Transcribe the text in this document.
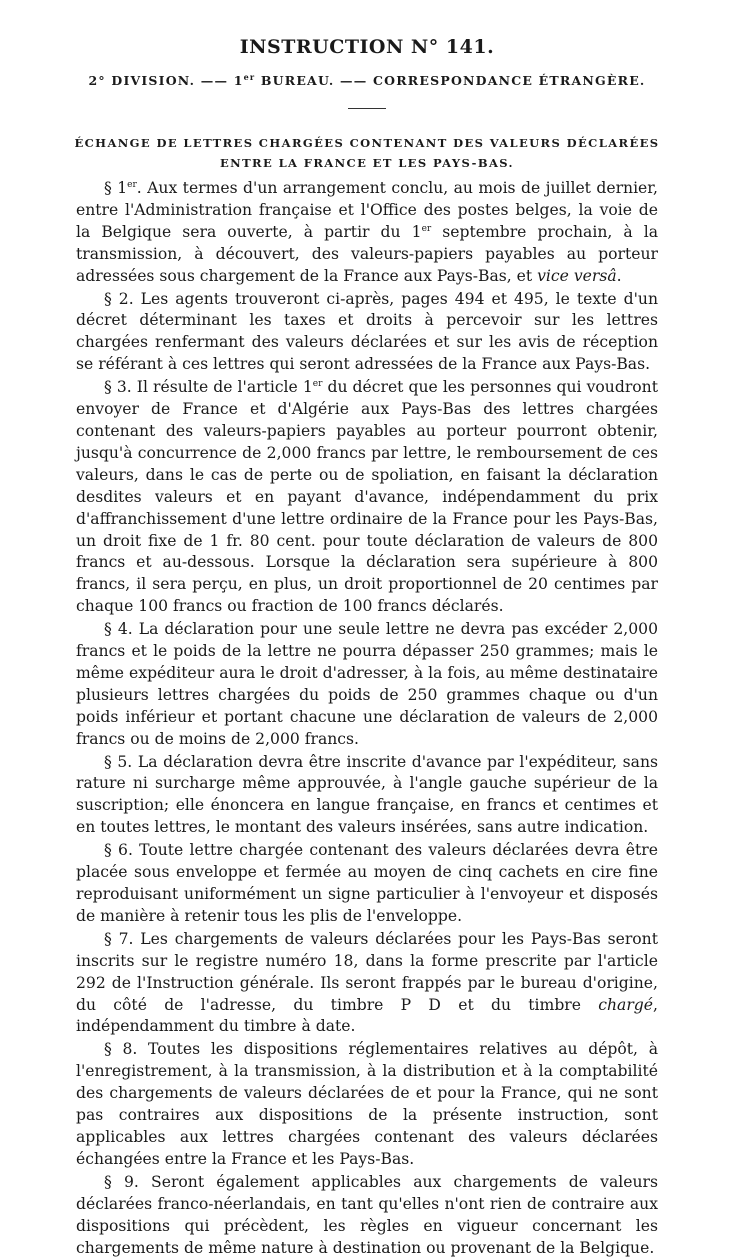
INSTRUCTION N° 141.
2° DIVISION. —— 1er BUREAU. —— CORRESPONDANCE ÉTRANGÈRE.
ÉCHANGE DE LETTRES CHARGÉES CONTENANT DES VALEURS DÉCLARÉES ENTRE LA FRANCE ET LES PAYS-BAS.

§ 1er. Aux termes d'un arrangement conclu, au mois de juillet dernier, entre l'Administration française et l'Office des postes belges, la voie de la Belgique sera ouverte, à partir du 1er septembre prochain, à la transmission, à découvert, des valeurs-papiers payables au porteur adressées sous chargement de la France aux Pays-Bas, et vice versâ.

§ 2. Les agents trouveront ci-après, pages 494 et 495, le texte d'un décret déterminant les taxes et droits à percevoir sur les lettres chargées renfermant des valeurs déclarées et sur les avis de réception se référant à ces lettres qui seront adressées de la France aux Pays-Bas.

§ 3. Il résulte de l'article 1er du décret que les personnes qui voudront envoyer de France et d'Algérie aux Pays-Bas des lettres chargées contenant des valeurs-papiers payables au porteur pourront obtenir, jusqu'à concurrence de 2,000 francs par lettre, le remboursement de ces valeurs, dans le cas de perte ou de spoliation, en faisant la déclaration desdites valeurs et en payant d'avance, indépendamment du prix d'affranchissement d'une lettre ordinaire de la France pour les Pays-Bas, un droit fixe de 1 fr. 80 cent. pour toute déclaration de valeurs de 800 francs et au-dessous. Lorsque la déclaration sera supérieure à 800 francs, il sera perçu, en plus, un droit proportionnel de 20 centimes par chaque 100 francs ou fraction de 100 francs déclarés.

§ 4. La déclaration pour une seule lettre ne devra pas excéder 2,000 francs et le poids de la lettre ne pourra dépasser 250 grammes; mais le même expéditeur aura le droit d'adresser, à la fois, au même destinataire plusieurs lettres chargées du poids de 250 grammes chaque ou d'un poids inférieur et portant chacune une déclaration de valeurs de 2,000 francs ou de moins de 2,000 francs.

§ 5. La déclaration devra être inscrite d'avance par l'expéditeur, sans rature ni surcharge même approuvée, à l'angle gauche supérieur de la suscription; elle énoncera en langue française, en francs et centimes et en toutes lettres, le montant des valeurs insérées, sans autre indication.

§ 6. Toute lettre chargée contenant des valeurs déclarées devra être placée sous enveloppe et fermée au moyen de cinq cachets en cire fine reproduisant uniformément un signe particulier à l'envoyeur et disposés de manière à retenir tous les plis de l'enveloppe.

§ 7. Les chargements de valeurs déclarées pour les Pays-Bas seront inscrits sur le registre numéro 18, dans la forme prescrite par l'article 292 de l'Instruction générale. Ils seront frappés par le bureau d'origine, du côté de l'adresse, du timbre P D et du timbre chargé, indépendamment du timbre à date.

§ 8. Toutes les dispositions réglementaires relatives au dépôt, à l'enregistrement, à la transmission, à la distribution et à la comptabilité des chargements de valeurs déclarées de et pour la France, qui ne sont pas contraires aux dispositions de la présente instruction, sont applicables aux lettres chargées contenant des valeurs déclarées échangées entre la France et les Pays-Bas.

§ 9. Seront également applicables aux chargements de valeurs déclarées franco-néerlandais, en tant qu'elles n'ont rien de contraire aux dispositions qui précèdent, les règles en vigueur concernant les chargements de même nature à destination ou provenant de la Belgique.
